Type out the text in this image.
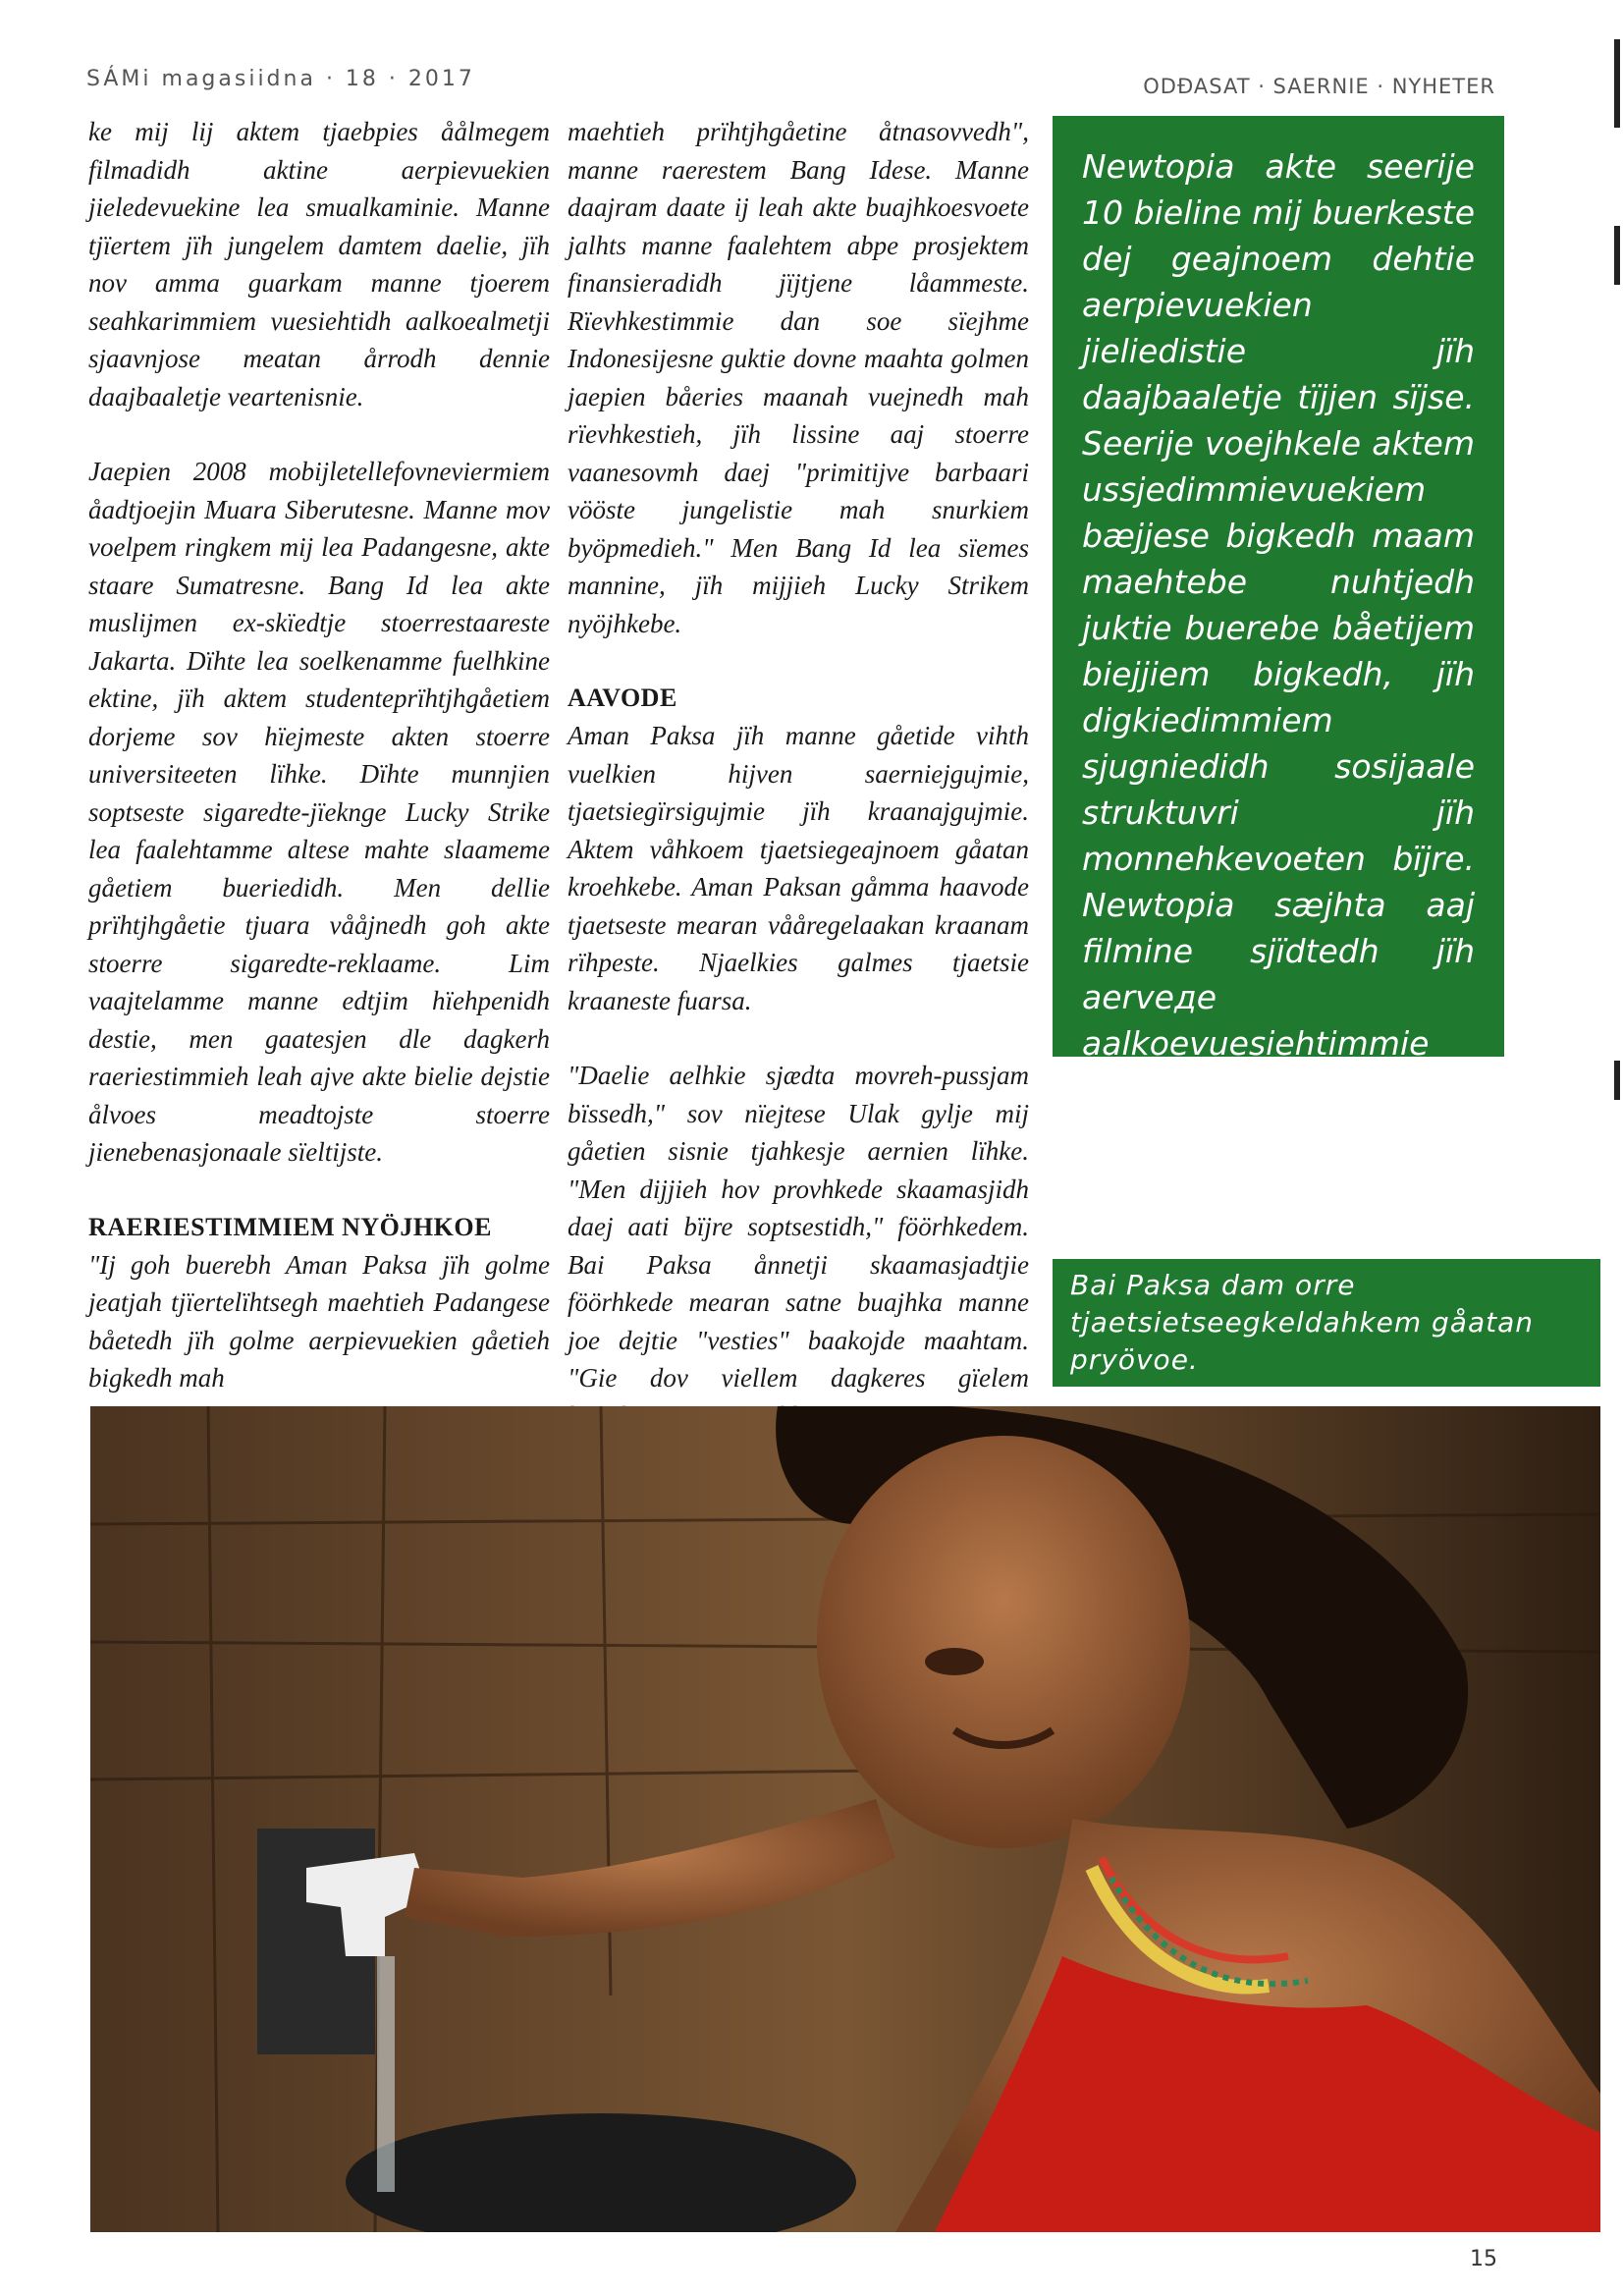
SÁMi magasiidna · 18 · 2017	ODÐASAT · SAERNIE · NYHETER

ke mij lij aktem tjaebpies åålmegem filmadidh aktine aerpievuekien jieledevuekine lea smualkaminie. Manne tjïertem jïh jungelem damtem daelie, jïh nov amma guarkam manne tjoerem seahkarimmiem vuesiehtidh aalkoealmetji sjaavnjose meatan årrodh dennie daajbaaletje veartenisnie.

Jaepien 2008 mobijletellefovneviermiem åadtjoejin Muara Siberutesne. Manne mov voelpem ringkem mij lea Padangesne, akte staare Sumatresne. Bang Id lea akte muslijmen ex-skïedtje stoerrestaareste Jakarta. Dïhte lea soelkenamme fuelhkine ektine, jïh aktem studenteprïhtjhgåetiem dorjeme sov hïejmeste akten stoerre universiteeten lïhke. Dïhte munnjien soptseste sigaredte-jïeknge Lucky Strike lea faalehtamme altese mahte slaameme gåetiem bueriedidh. Men dellie prïhtjhgåetie tjuara vååjnedh goh akte stoerre sigaredte-reklaame. Lim vaajtelamme manne edtjim hïehpenidh destie, men gaatesjen dle dagkerh raeriestimmieh leah ajve akte bielie dejstie ålvoes meadtojste stoerre jienebenasjonaale sïeltijste.

RAERIESTIMMIEM NYÖJHKOE

"Ij goh buerebh Aman Paksa jïh golme jeatjah tjïertelïhtsegh maehtieh Padangese båetedh jïh golme aerpievuekien gåetieh bigkedh mah

maehtieh prïhtjhgåetine åtnasovvedh", manne raerestem Bang Idese. Manne daajram daate ij leah akte buajhkoesvoete jalhts manne faalehtem abpe prosjektem finansieradidh jïjtjene låammeste. Rïevhkestimmie dan soe sïejhme Indonesijesne guktie dovne maahta golmen jaepien båeries maanah vuejnedh mah rïevhkestieh, jïh lissine aaj stoerre vaanesovmh daej "primitijve barbaari vööste jungelistie mah snurkiem byöpmedieh." Men Bang Id lea sïemes mannine, jïh mijjieh Lucky Strikem nyöjhkebe.

AAVODE

Aman Paksa jïh manne gåetide vihth vuelkien hijven saerniejgujmie, tjaetsiegïrsigujmie jïh kraanajgujmie. Aktem våhkoem tjaetsiegeajnoem gåatan kroehkebe. Aman Paksan gåmma haavode tjaetseste mearan vååregelaakan kraanam rïhpeste. Njaelkies galmes tjaetsie kraaneste fuarsa.

"Daelie aelhkie sjædta movreh-pussjam bïssedh," sov nïejtese Ulak gylje mij gåetien sisnie tjahkesje aernien lïhke. "Men dijjieh hov provhkede skaamasjidh daej aati bïjre soptsestidh," föörhkedem. Bai Paksa ånnetji skaamasjadtjie föörhkede mearan satne buajhka manne joe dejtie "vesties" baakojde maahtam. "Gie dov viellem dagkeres gïelem

Newtopia akte seerije 10 bieline mij buerkeste dej geajnoem dehtie aerpievuekien jieliedistie jïh daajbaaletje tïjjen sïjse. Seerije voejhkele aktem ussjedimmievuekiem bæjjese bigkedh maam maehtebe nuhtjedh juktie buerebe båetijem biejjiem bigkedh, jïh digkiedimmiem sjugniedidh sosijaale struktuvri jïh monnehkevoeten bïjre. Newtopia sæjhta aaj filmine sjïdtedh jïh aerveде aalkoevuesiehtimmie sjædta 2018 aalkoelisnie.

Bai Paksa dam orre tjaetsietseegkeldahkem gåatan pryövoe.
15
